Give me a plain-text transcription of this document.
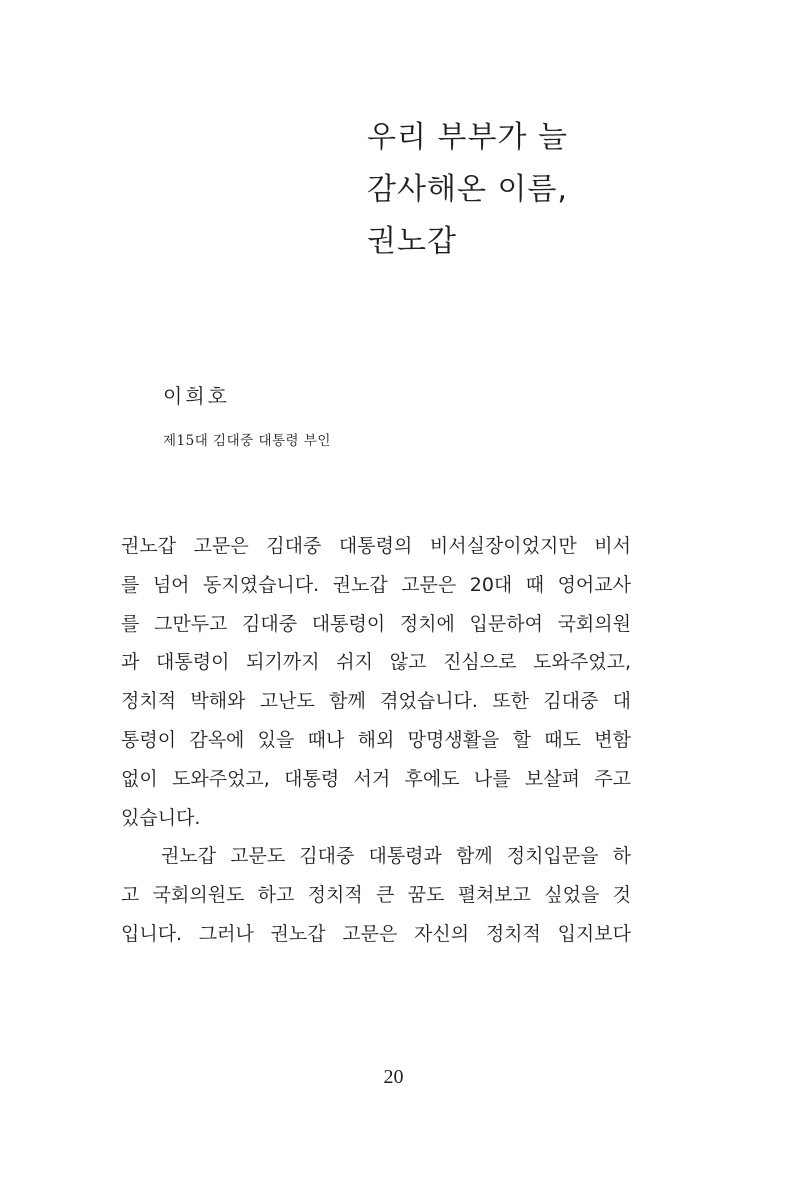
우리 부부가 늘
감사해온 이름,
권노갑
이희호
제15대 김대중 대통령 부인
권노갑 고문은 김대중 대통령의 비서실장이었지만 비서
를 넘어 동지였습니다. 권노갑 고문은 20대 때 영어교사
를 그만두고 김대중 대통령이 정치에 입문하여 국회의원
과 대통령이 되기까지 쉬지 않고 진심으로 도와주었고,
정치적 박해와 고난도 함께 겪었습니다. 또한 김대중 대
통령이 감옥에 있을 때나 해외 망명생활을 할 때도 변함
없이 도와주었고, 대통령 서거 후에도 나를 보살펴 주고
있습니다.
권노갑 고문도 김대중 대통령과 함께 정치입문을 하
고 국회의원도 하고 정치적 큰 꿈도 펼쳐보고 싶었을 것
입니다. 그러나 권노갑 고문은 자신의 정치적 입지보다
20
